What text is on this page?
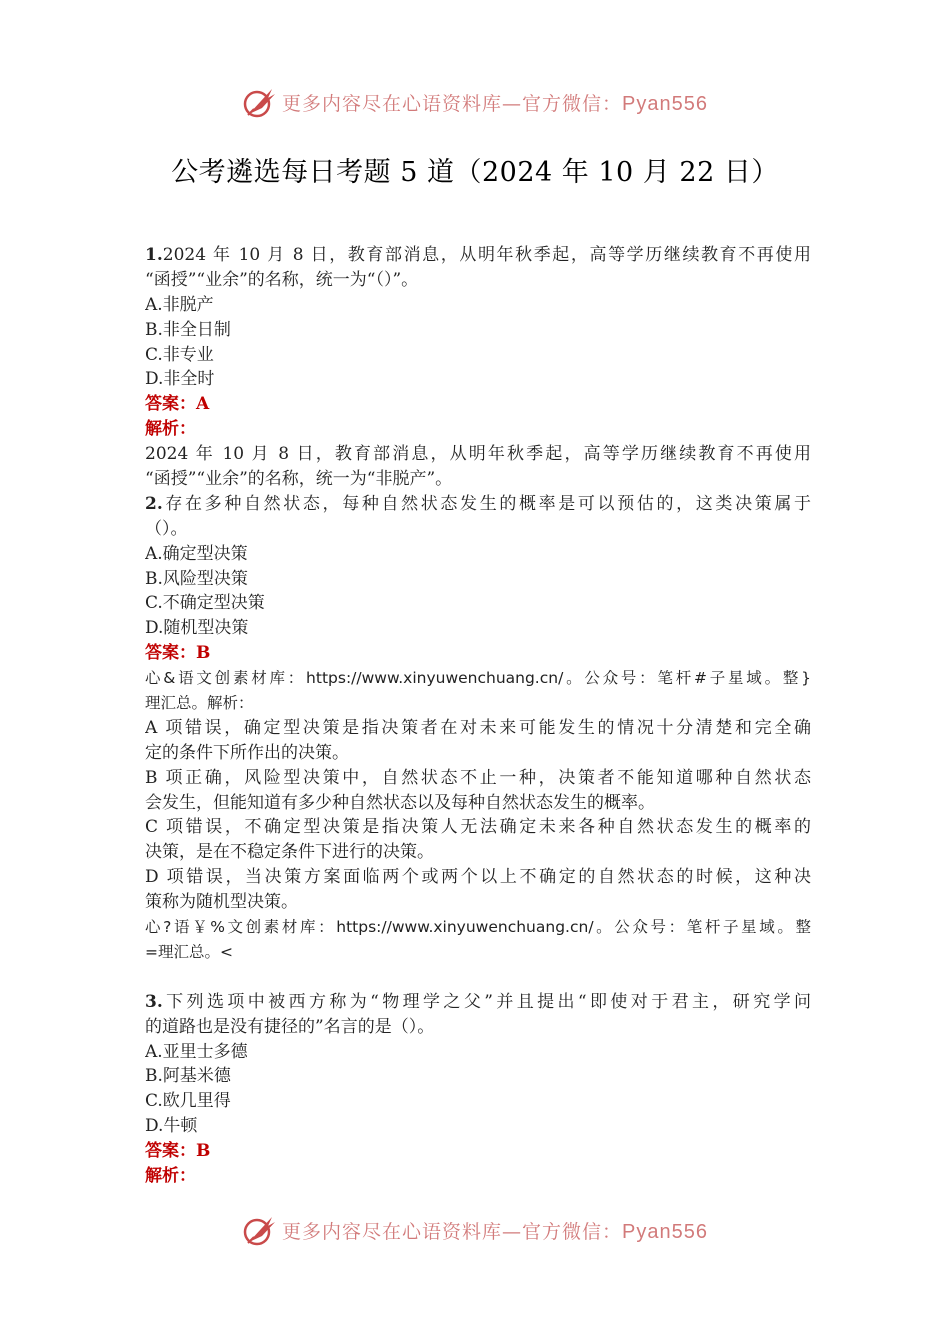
更多内容尽在心语资料库—官方微信：Pyan556
公考遴选每日考题 5 道（2024 年 10 月 22 日）
1.2024 年 10 月 8 日，教育部消息，从明年秋季起，高等学历继续教育不再使用
“函授”“业余”的名称，统一为“（）”。
A.非脱产
B.非全日制
C.非专业
D.非全时
答案：A
解析：
2024 年 10 月 8 日，教育部消息，从明年秋季起，高等学历继续教育不再使用
“函授”“业余”的名称，统一为“非脱产”。
2.存在多种自然状态，每种自然状态发生的概率是可以预估的，这类决策属于
（）。
A.确定型决策
B.风险型决策
C.不确定型决策
D.随机型决策
答案：B
心&语文创素材库：https://www.xinyuwenchuang.cn/。公众号：笔杆#子星域。整}
理汇总。解析：
A 项错误，确定型决策是指决策者在对未来可能发生的情况十分清楚和完全确
定的条件下所作出的决策。
B 项正确，风险型决策中，自然状态不止一种，决策者不能知道哪种自然状态
会发生，但能知道有多少种自然状态以及每种自然状态发生的概率。
C 项错误，不确定型决策是指决策人无法确定未来各种自然状态发生的概率的
决策，是在不稳定条件下进行的决策。
D 项错误，当决策方案面临两个或两个以上不确定的自然状态的时候，这种决
策称为随机型决策。
心?语￥%文创素材库：https://www.xinyuwenchuang.cn/。公众号：笔杆子星域。整
=理汇总。<
3.下列选项中被西方称为“物理学之父”并且提出“即使对于君主，研究学问
的道路也是没有捷径的”名言的是（）。
A.亚里士多德
B.阿基米德
C.欧几里得
D.牛顿
答案：B
解析：
更多内容尽在心语资料库—官方微信：Pyan556
